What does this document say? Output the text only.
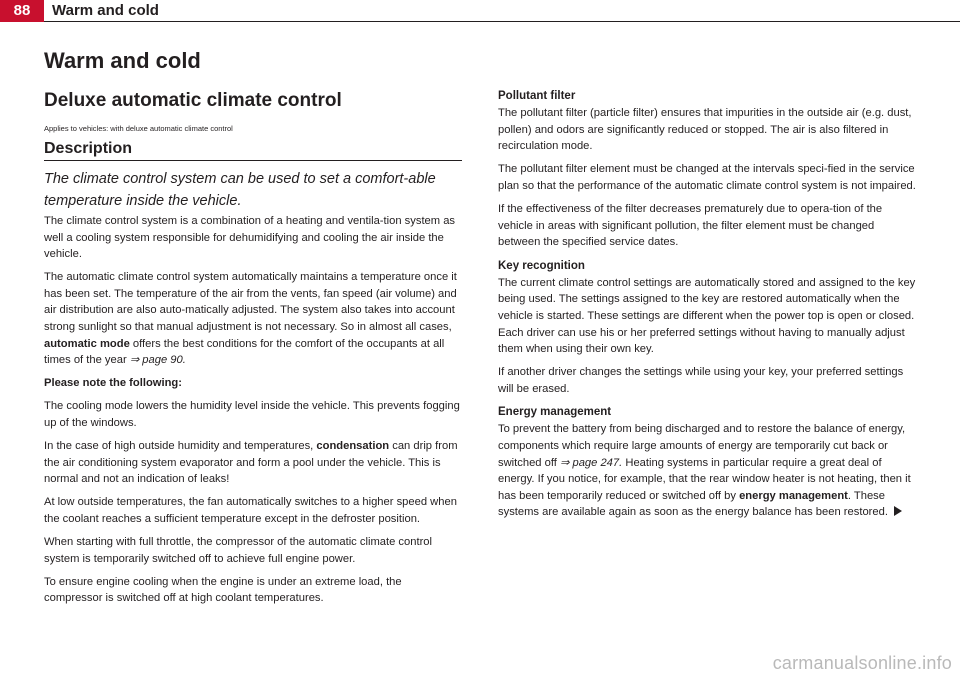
88	Warm and cold
Warm and cold
Deluxe automatic climate control
Applies to vehicles: with deluxe automatic climate control
Description

The climate control system can be used to set a comfort-able temperature inside the vehicle.

The climate control system is a combination of a heating and ventila-tion system as well a cooling system responsible for dehumidifying and cooling the air inside the vehicle.

The automatic climate control system automatically maintains a temperature once it has been set. The temperature of the air from the vents, fan speed (air volume) and air distribution are also auto-matically adjusted. The system also takes into account strong sunlight so that manual adjustment is not necessary. So in almost all cases, automatic mode offers the best conditions for the comfort of the occupants at all times of the year ⇒ page 90.

Please note the following:

The cooling mode lowers the humidity level inside the vehicle. This prevents fogging up of the windows.

In the case of high outside humidity and temperatures, condensation can drip from the air conditioning system evaporator and form a pool under the vehicle. This is normal and not an indication of leaks!

At low outside temperatures, the fan automatically switches to a higher speed when the coolant reaches a sufficient temperature except in the defroster position.

When starting with full throttle, the compressor of the automatic climate control system is temporarily switched off to achieve full engine power.

To ensure engine cooling when the engine is under an extreme load, the compressor is switched off at high coolant temperatures.

Pollutant filter

The pollutant filter (particle filter) ensures that impurities in the outside air (e.g. dust, pollen) and odors are significantly reduced or stopped. The air is also filtered in recirculation mode.

The pollutant filter element must be changed at the intervals speci-fied in the service plan so that the performance of the automatic climate control system is not impaired.

If the effectiveness of the filter decreases prematurely due to opera-tion of the vehicle in areas with significant pollution, the filter element must be changed between the specified service dates.

Key recognition

The current climate control settings are automatically stored and assigned to the key being used. The settings assigned to the key are restored automatically when the vehicle is started. These settings are different when the power top is open or closed. Each driver can use his or her preferred settings without having to manually adjust them when using their own key.

If another driver changes the settings while using your key, your preferred settings will be erased.

Energy management

To prevent the battery from being discharged and to restore the balance of energy, components which require large amounts of energy are temporarily cut back or switched off ⇒ page 247. Heating systems in particular require a great deal of energy. If you notice, for example, that the rear window heater is not heating, then it has been temporarily reduced or switched off by energy management. These systems are available again as soon as the energy balance has been restored.

carmanualsonline.info
